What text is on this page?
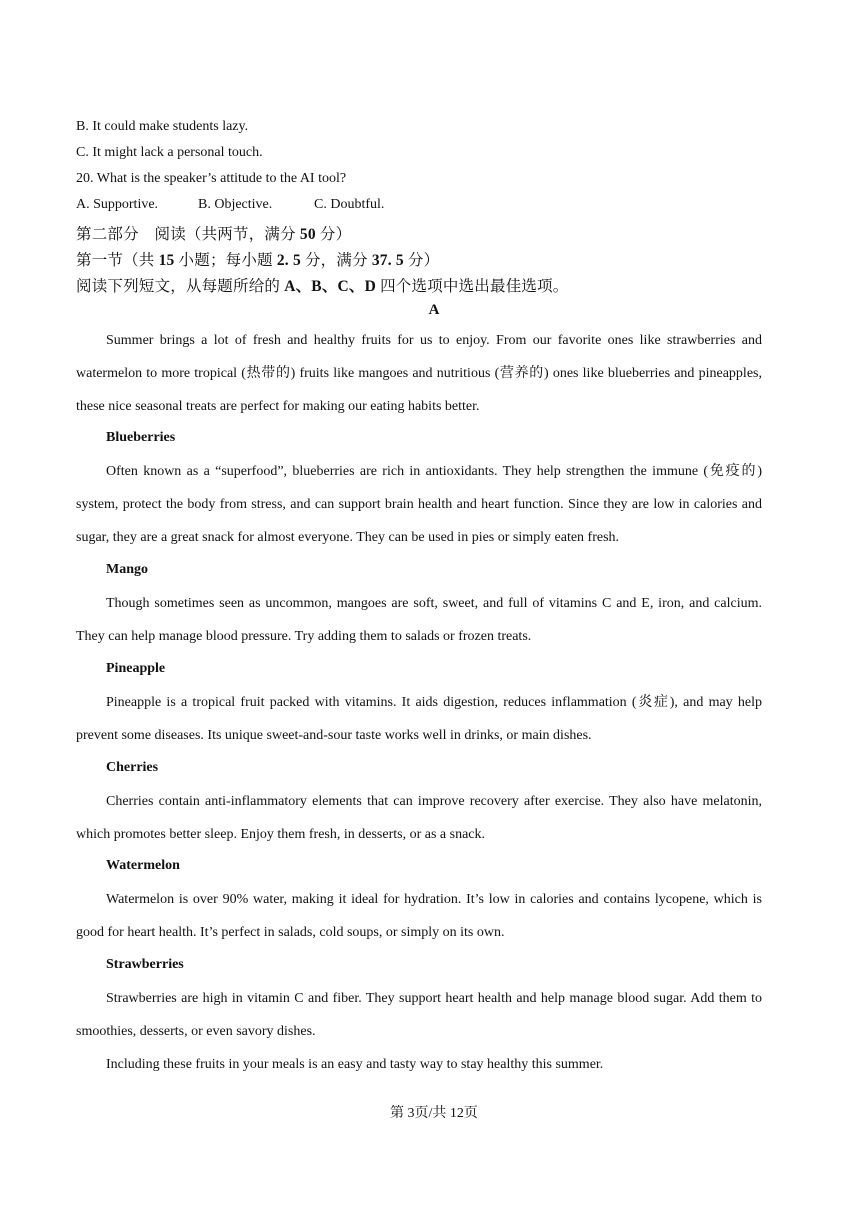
B. It could make students lazy.
C. It might lack a personal touch.
20. What is the speaker’s attitude to the AI tool?
A. Supportive.	B. Objective.	C. Doubtful.
第二部分　阅读（共两节，满分 50 分）
第一节（共 15 小题；每小题 2. 5 分，满分 37. 5 分）
阅读下列短文，从每题所给的 A、B、C、D 四个选项中选出最佳选项。
A
Summer brings a lot of fresh and healthy fruits for us to enjoy. From our favorite ones like strawberries and watermelon to more tropical (热带的) fruits like mangoes and nutritious (营养的) ones like blueberries and pineapples, these nice seasonal treats are perfect for making our eating habits better.
Blueberries
Often known as a “superfood”, blueberries are rich in antioxidants. They help strengthen the immune (免疫的) system, protect the body from stress, and can support brain health and heart function. Since they are low in calories and sugar, they are a great snack for almost everyone. They can be used in pies or simply eaten fresh.
Mango
Though sometimes seen as uncommon, mangoes are soft, sweet, and full of vitamins C and E, iron, and calcium. They can help manage blood pressure. Try adding them to salads or frozen treats.
Pineapple
Pineapple is a tropical fruit packed with vitamins. It aids digestion, reduces inflammation (炎症), and may help prevent some diseases. Its unique sweet-and-sour taste works well in drinks, or main dishes.
Cherries
Cherries contain anti-inflammatory elements that can improve recovery after exercise. They also have melatonin, which promotes better sleep. Enjoy them fresh, in desserts, or as a snack.
Watermelon
Watermelon is over 90% water, making it ideal for hydration. It’s low in calories and contains lycopene, which is good for heart health. It’s perfect in salads, cold soups, or simply on its own.
Strawberries
Strawberries are high in vitamin C and fiber. They support heart health and help manage blood sugar. Add them to smoothies, desserts, or even savory dishes.
Including these fruits in your meals is an easy and tasty way to stay healthy this summer.
第 3页/共 12页
